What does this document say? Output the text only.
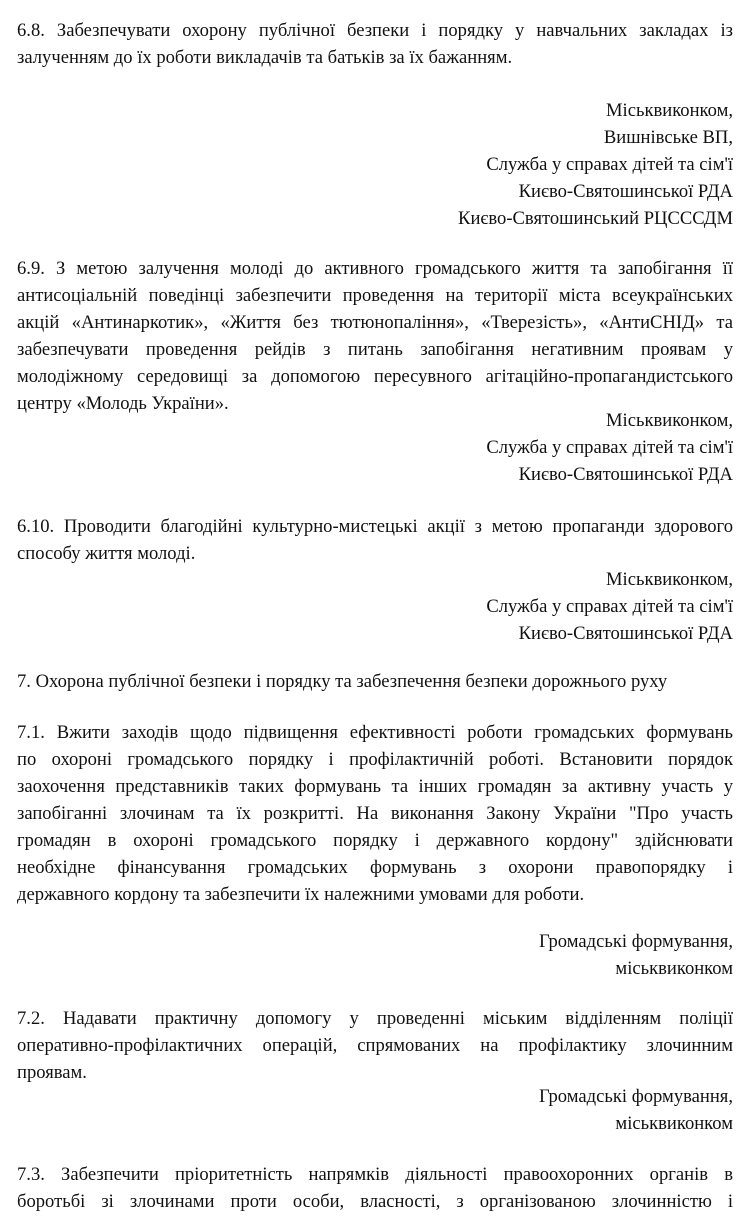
6.8. Забезпечувати охорону публічної безпеки і порядку у навчальних закладах із
залученням до їх роботи викладачів та батьків за їх бажанням.
Міськвиконком,
Вишнівське ВП,
Служба у справах дітей та сім'ї
Києво-Святошинської РДА
Києво-Святошинський РЦСССДМ
6.9. З метою залучення молоді до активного громадського життя та запобігання її
антисоціальній поведінці забезпечити проведення на території міста всеукраїнських
акцій «Антинаркотик», «Життя без тютюнопаління», «Тверезість», «АнтиСНІД» та
забезпечувати проведення рейдів з питань запобігання негативним проявам у
молодіжному середовищі за допомогою пересувного агітаційно-пропагандистського
центру «Молодь України».
Міськвиконком,
Служба у справах дітей та сім'ї
Києво-Святошинської РДА
6.10. Проводити благодійні культурно-мистецькі акції з метою пропаганди здорового
способу життя молоді.
Міськвиконком,
Служба у справах дітей та сім'ї
Києво-Святошинської РДА
7. Охорона публічної безпеки і порядку та забезпечення безпеки дорожнього руху
7.1. Вжити заходів щодо підвищення ефективності роботи громадських формувань
по охороні громадського порядку і профілактичній роботі. Встановити порядок
заохочення представників таких формувань та інших громадян за активну участь у
запобіганні злочинам та їх розкритті. На виконання Закону України "Про участь
громадян в охороні громадського порядку і державного кордону" здійснювати
необхідне фінансування громадських формувань з охорони правопорядку і
державного кордону та забезпечити їх належними умовами для роботи.
Громадські формування,
міськвиконком
7.2. Надавати практичну допомогу у проведенні міським відділенням поліції
оперативно-профілактичних операцій, спрямованих на профілактику злочинним
проявам.
Громадські формування,
міськвиконком
7.3. Забезпечити пріоритетність напрямків діяльності правоохоронних органів в
боротьбі зі злочинами проти особи, власності, з організованою злочинністю і
